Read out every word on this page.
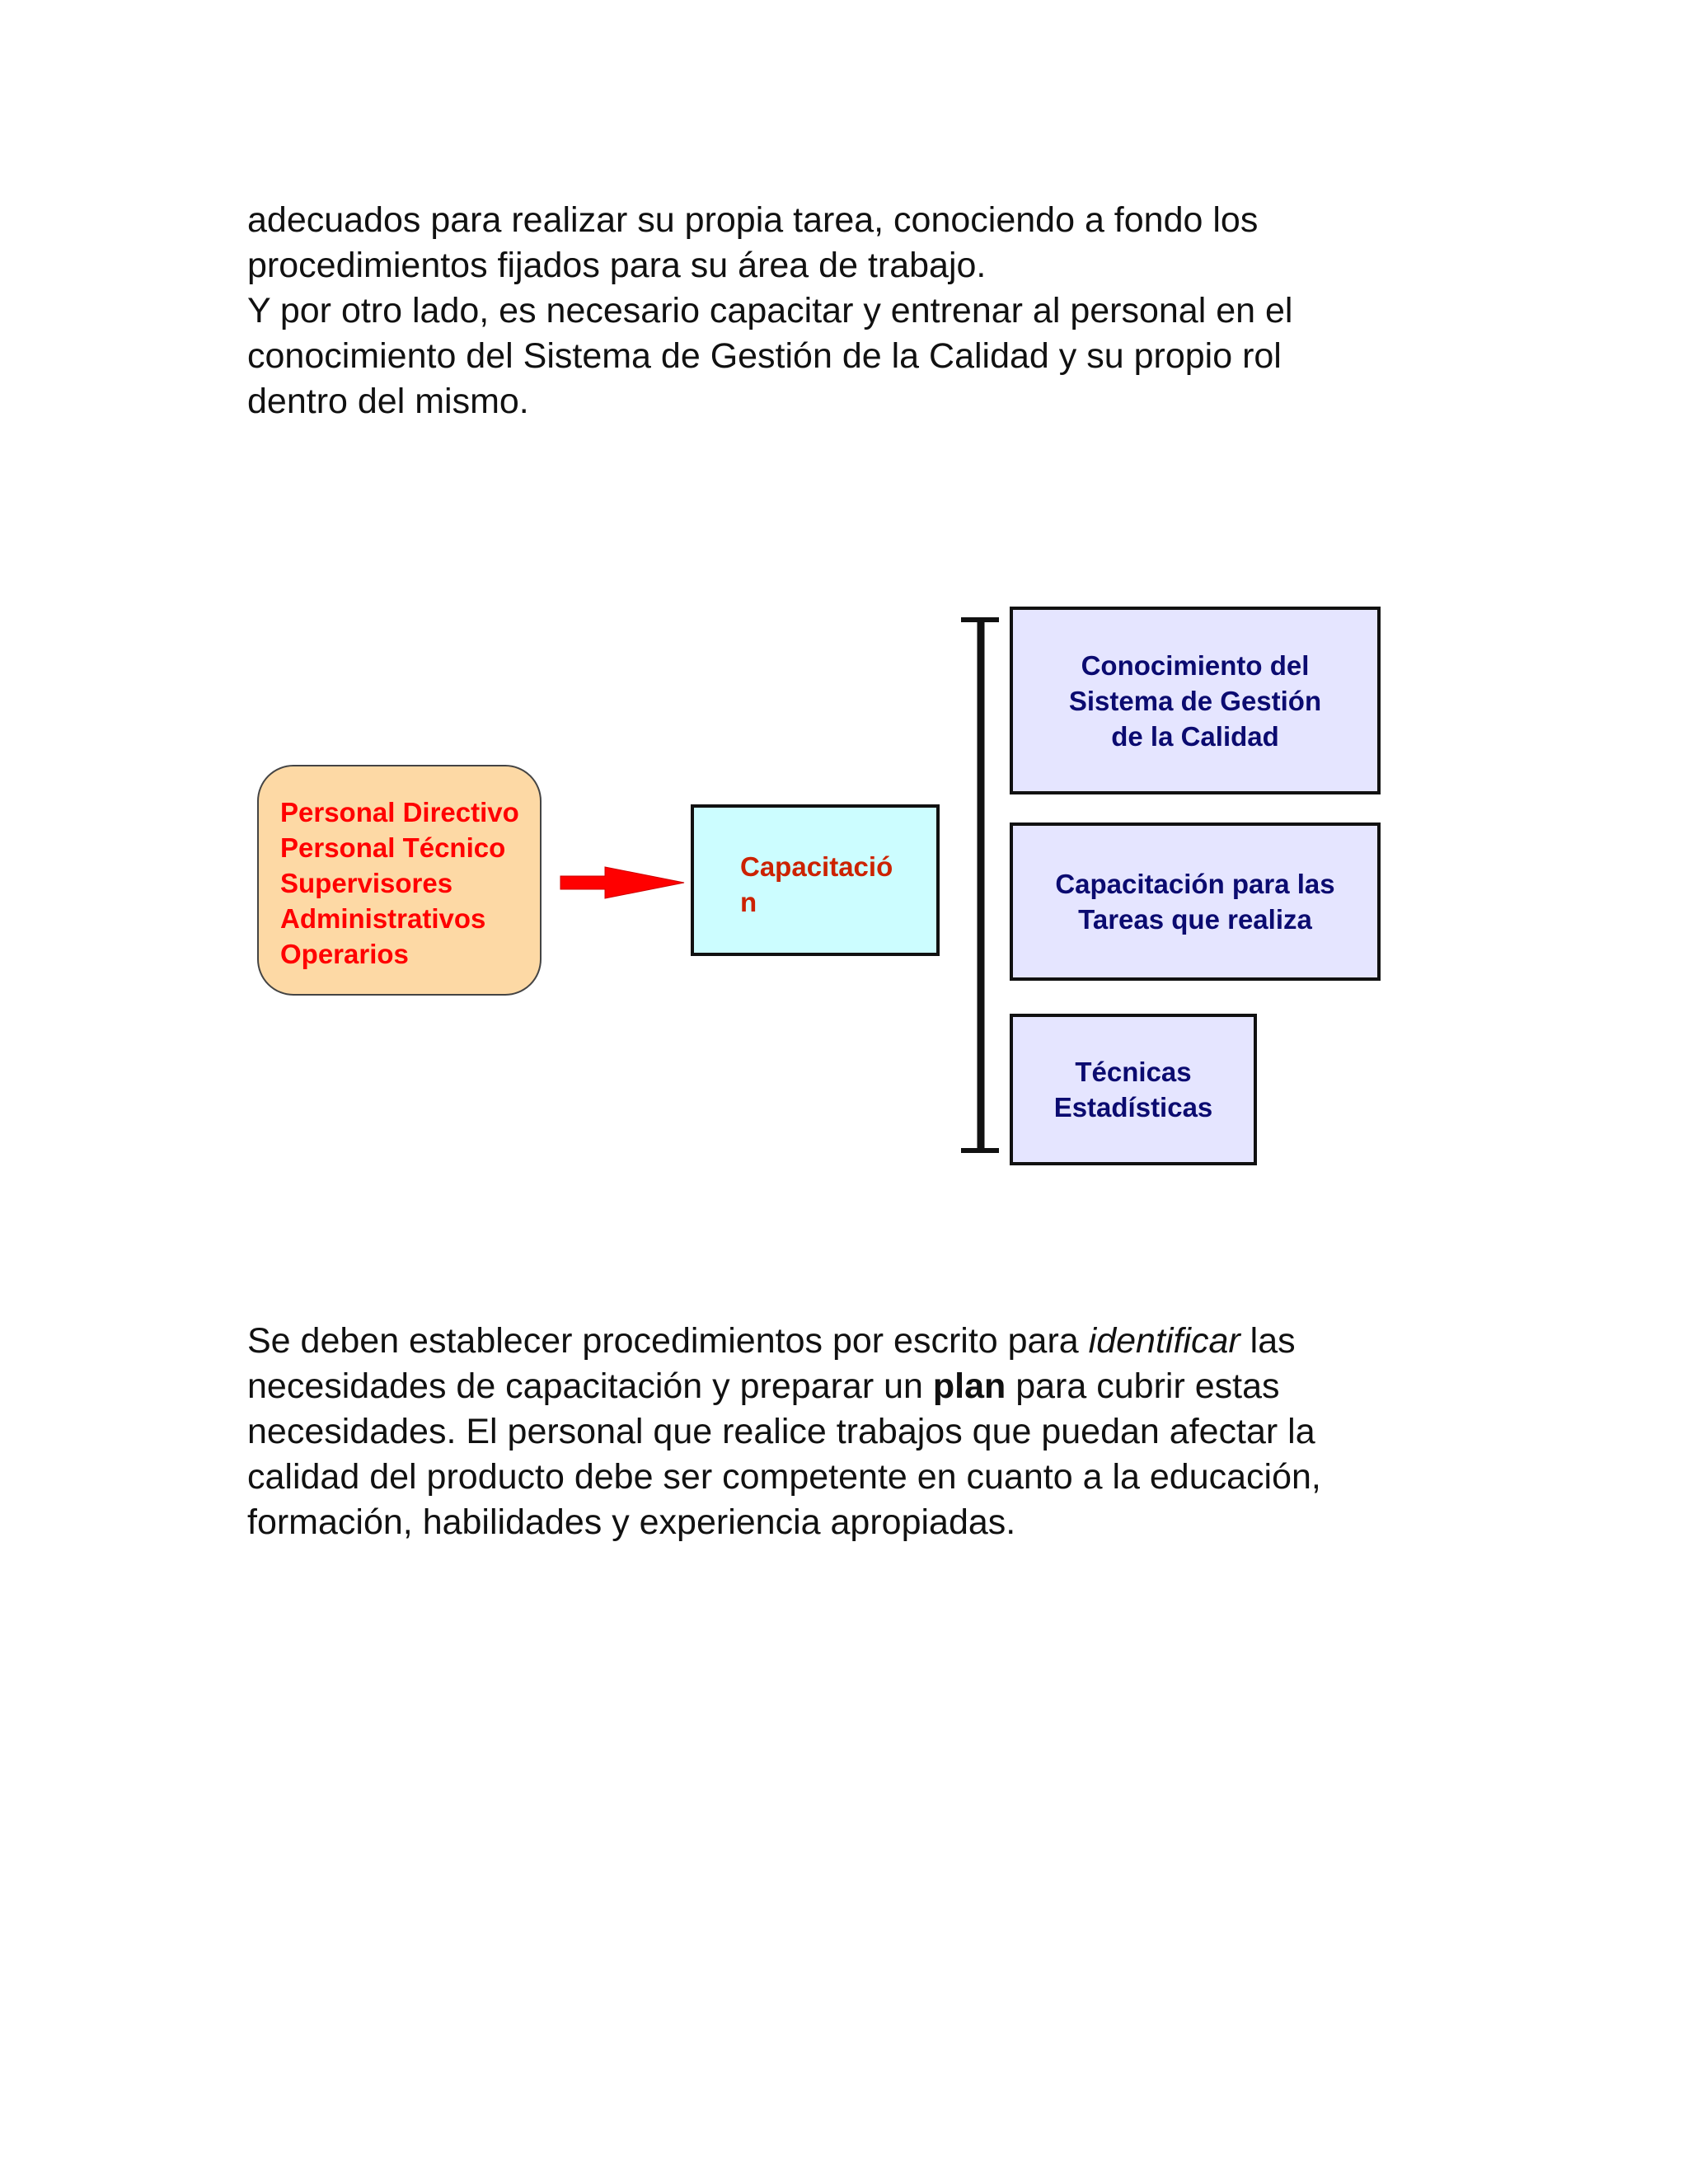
adecuados para realizar su propia tarea, conociendo a fondo los
procedimientos fijados para su área de trabajo.
Y por otro lado, es necesario capacitar y entrenar al personal en el
conocimiento del Sistema de Gestión de la Calidad y su propio rol
dentro del mismo.

Personal Directivo
Personal Técnico
Supervisores
Administrativos
Operarios
Capacitació
n
Conocimiento del
Sistema de Gestión
de la Calidad
Capacitación para las
Tareas que realiza
Técnicas
Estadísticas

Se deben establecer procedimientos por escrito para identificar las
necesidades de capacitación y preparar un plan para cubrir estas
necesidades. El personal que realice trabajos que puedan afectar la
calidad del producto debe ser competente en cuanto a la educación,
formación, habilidades y experiencia apropiadas.
